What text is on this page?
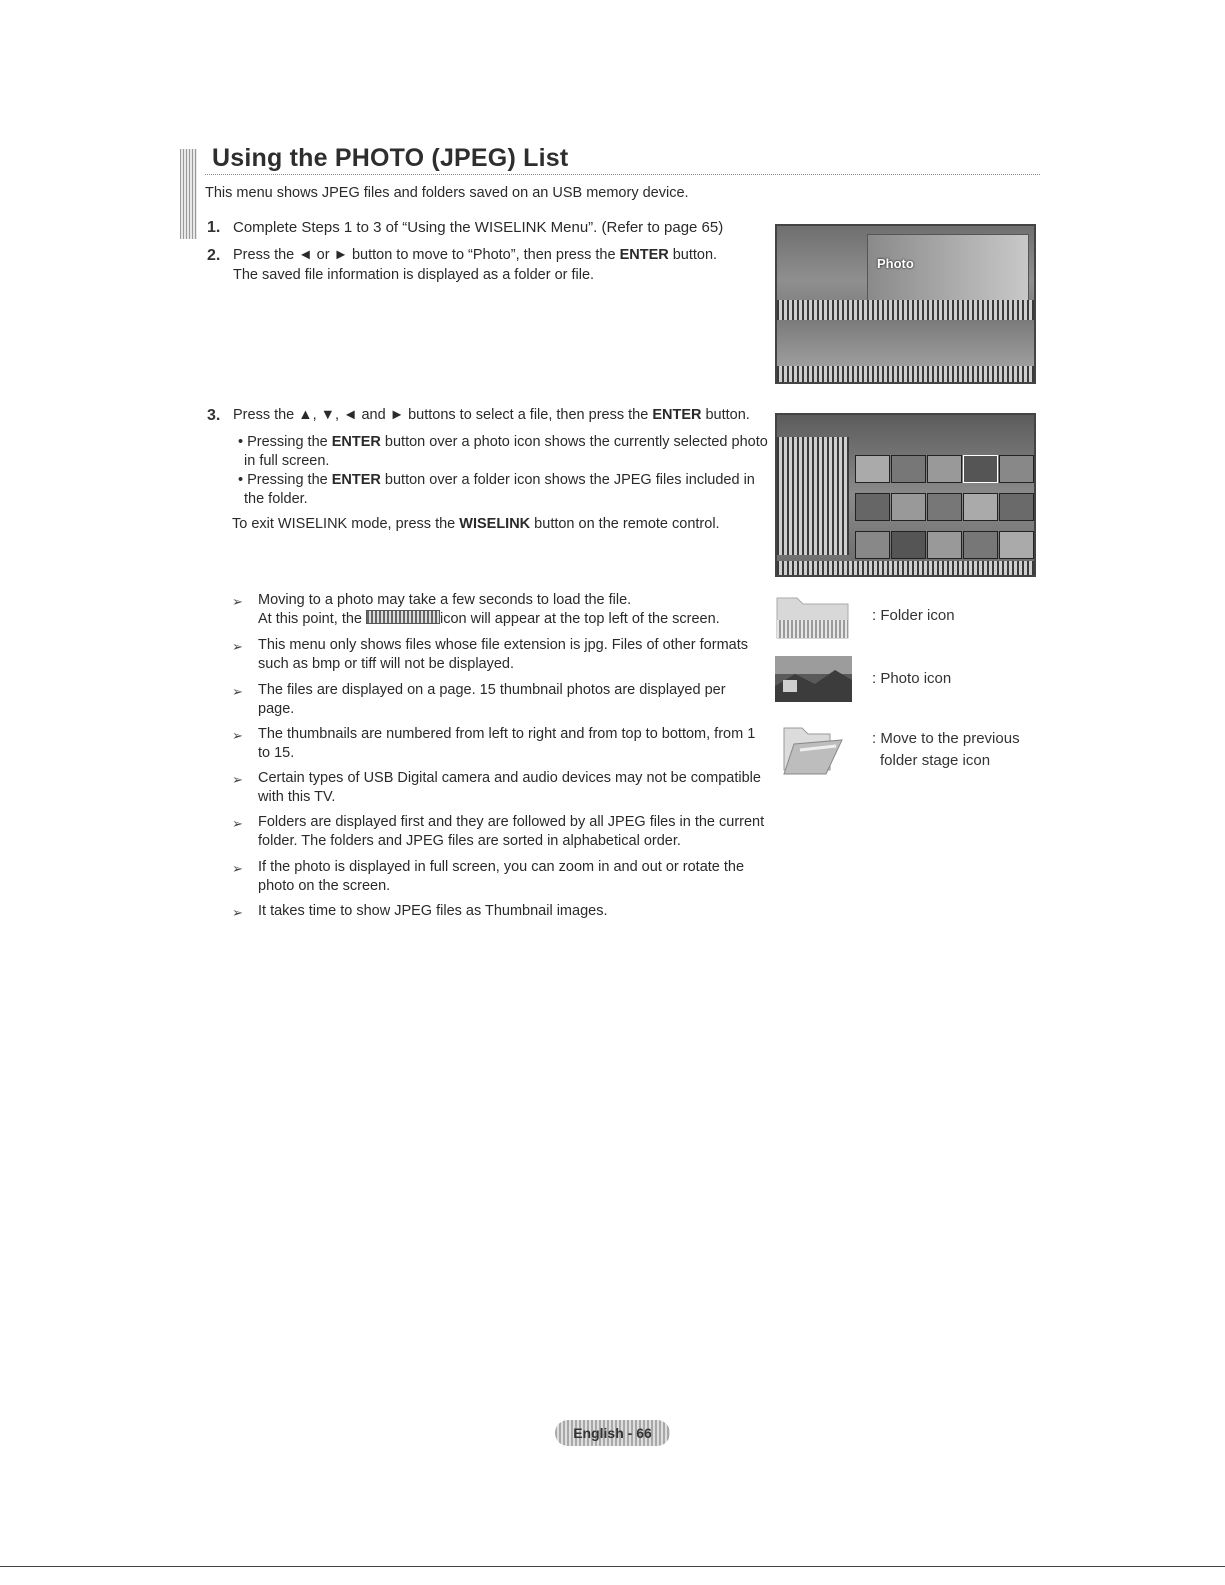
Using the PHOTO (JPEG) List
This menu shows JPEG files and folders saved on an USB memory device.
1. Complete Steps 1 to 3 of “Using the WISELINK Menu”. (Refer to page 65)
2. Press the ◄ or ► button to move to “Photo”, then press the ENTER button.
The saved file information is displayed as a folder or file.
Photo
3. Press the ▲, ▼, ◄ and ► buttons to select a file, then press the ENTER button.
• Pressing the ENTER button over a photo icon shows the currently selected photo
in full screen.
• Pressing the ENTER button over a folder icon shows the JPEG files included in
the folder.
To exit WISELINK mode, press the WISELINK button on the remote control.
➢ Moving to a photo may take a few seconds to load the file.
At this point, the	icon will appear at the top left of the screen.
➢ This menu only shows files whose file extension is jpg. Files of other formats
such as bmp or tiff will not be displayed.
➢ The files are displayed on a page. 15 thumbnail photos are displayed per
page.
➢ The thumbnails are numbered from left to right and from top to bottom, from 1
to 15.
➢ Certain types of USB Digital camera and audio devices may not be compatible
with this TV.
➢ Folders are displayed first and they are followed by all JPEG files in the current
folder. The folders and JPEG files are sorted in alphabetical order.
➢ If the photo is displayed in full screen, you can zoom in and out or rotate the
photo on the screen.
➢ It takes time to show JPEG files as Thumbnail images.
: Folder icon
: Photo icon
: Move to the previous
folder stage icon
English - 66
